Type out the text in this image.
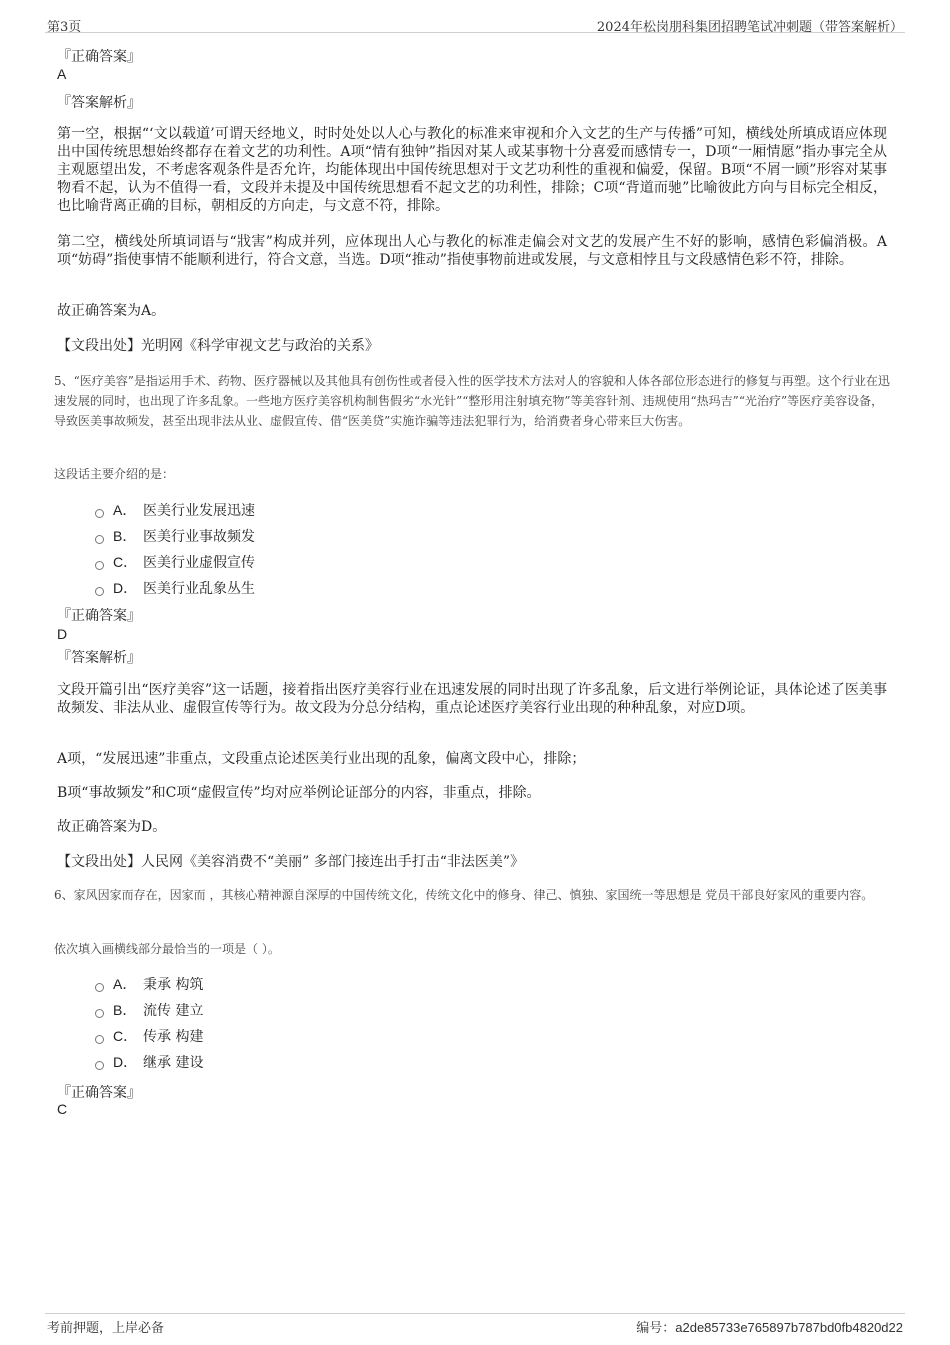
第3页	2024年松岗朋科集团招聘笔试冲刺题（带答案解析）
『正确答案』
A
『答案解析』
第一空，根据“‘文以载道’可谓天经地义，时时处处以人心与教化的标准来审视和介入文艺的生产与传播”可知，横线处所填成语应体现出中国传统思想始终都存在着文艺的功利性。A项“情有独钟”指因对某人或某事物十分喜爱而感情专一，D项“一厢情愿”指办事完全从主观愿望出发，不考虑客观条件是否允许，均能体现出中国传统思想对于文艺功利性的重视和偏爱，保留。B项“不屑一顾”形容对某事物看不起，认为不值得一看，文段并未提及中国传统思想看不起文艺的功利性，排除；C项“背道而驰”比喻彼此方向与目标完全相反，也比喻背离正确的目标，朝相反的方向走，与文意不符，排除。
第二空，横线处所填词语与“戕害”构成并列，应体现出人心与教化的标准走偏会对文艺的发展产生不好的影响，感情色彩偏消极。A项“妨碍”指使事情不能顺利进行，符合文意，当选。D项“推动”指使事物前进或发展，与文意相悖且与文段感情色彩不符，排除。
故正确答案为A。
【文段出处】光明网《科学审视文艺与政治的关系》
5、“医疗美容”是指运用手术、药物、医疗器械以及其他具有创伤性或者侵入性的医学技术方法对人的容貌和人体各部位形态进行的修复与再塑。这个行业在迅速发展的同时，也出现了许多乱象。一些地方医疗美容机构制售假劣“水光针”“整形用注射填充物”等美容针剂、违规使用“热玛吉”“光治疗”等医疗美容设备，导致医美事故频发，甚至出现非法从业、虚假宣传、借“医美贷”实施诈骗等违法犯罪行为，给消费者身心带来巨大伤害。
这段话主要介绍的是：
A． 医美行业发展迅速
B． 医美行业事故频发
C． 医美行业虚假宣传
D． 医美行业乱象丛生
『正确答案』
D
『答案解析』
文段开篇引出“医疗美容”这一话题，接着指出医疗美容行业在迅速发展的同时出现了许多乱象，后文进行举例论证，具体论述了医美事故频发、非法从业、虚假宣传等行为。故文段为分总分结构，重点论述医疗美容行业出现的种种乱象，对应D项。
A项，“发展迅速”非重点，文段重点论述医美行业出现的乱象，偏离文段中心，排除；
B项“事故频发”和C项“虚假宣传”均对应举例论证部分的内容，非重点，排除。
故正确答案为D。
【文段出处】人民网《美容消费不“美丽” 多部门接连出手打击“非法医美”》
6、家风因家而存在，因家而 ，其核心精神源自深厚的中国传统文化，传统文化中的修身、律己、慎独、家国统一等思想是 党员干部良好家风的重要内容。
依次填入画横线部分最恰当的一项是（ ）。
A． 秉承 构筑
B． 流传 建立
C． 传承 构建
D． 继承 建设
『正确答案』
C
考前押题，上岸必备	编号：a2de85733e765897b787bd0fb4820d22
